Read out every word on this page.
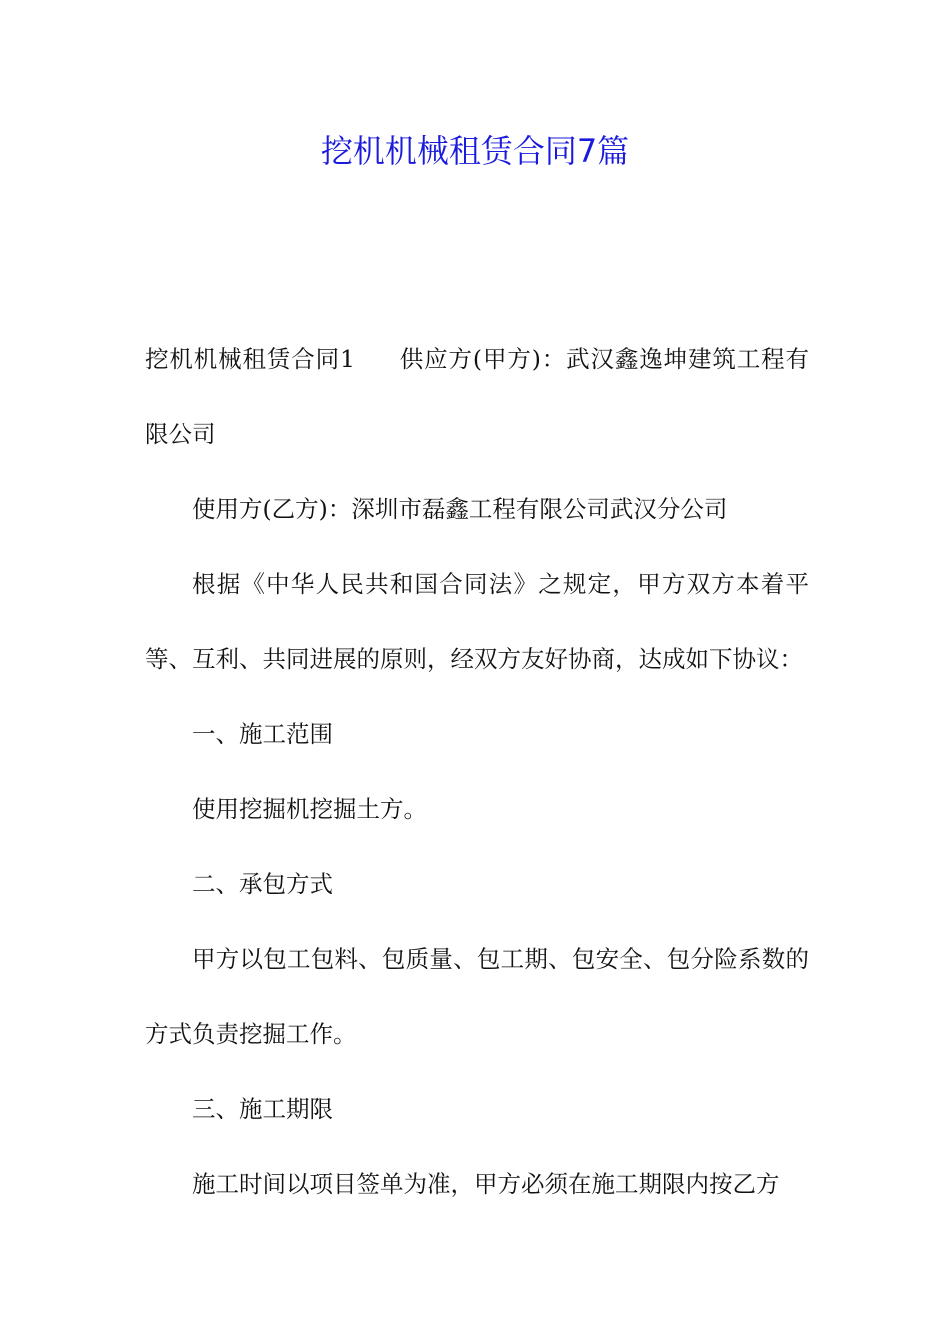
挖机机械租赁合同7篇

挖机机械租赁合同1 供应方(甲方)：武汉鑫逸坤建筑工程有限公司

使用方(乙方)：深圳市磊鑫工程有限公司武汉分公司

根据《中华人民共和国合同法》之规定，甲方双方本着平等、互利、共同进展的原则，经双方友好协商，达成如下协议：

一、施工范围

使用挖掘机挖掘土方。

二、承包方式

甲方以包工包料、包质量、包工期、包安全、包分险系数的方式负责挖掘工作。

三、施工期限

施工时间以项目签单为准，甲方必须在施工期限内按乙方
